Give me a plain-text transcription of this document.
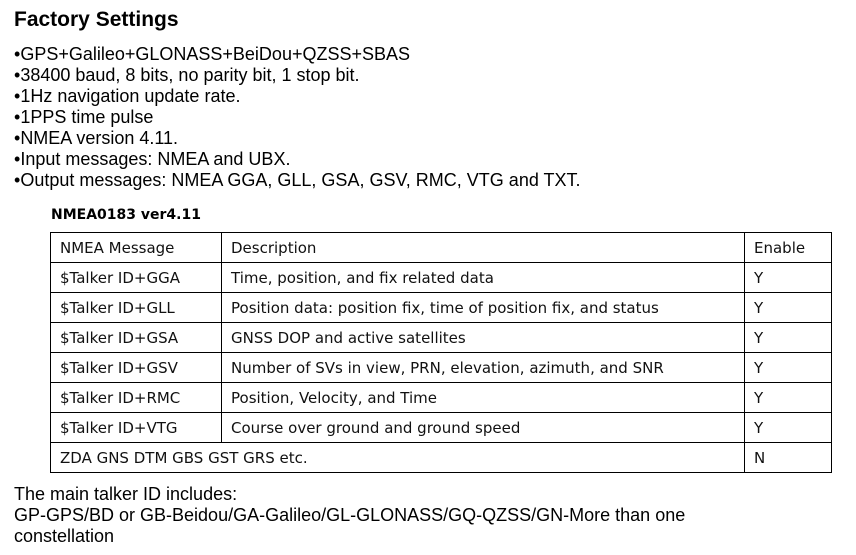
Factory Settings
• GPS+Galileo+GLONASS+BeiDou+QZSS+SBAS
• 38400 baud, 8 bits, no parity bit, 1 stop bit.
• 1Hz navigation update rate.
• 1PPS time pulse
• NMEA version 4.11.
• Input messages: NMEA and UBX.
• Output messages: NMEA GGA, GLL, GSA, GSV, RMC, VTG and TXT.
NMEA0183 ver4.11
NMEA Message	Description	Enable
$Talker ID+GGA	Time, position, and fix related data	Y
$Talker ID+GLL	Position data: position fix, time of position fix, and status	Y
$Talker ID+GSA	GNSS DOP and active satellites	Y
$Talker ID+GSV	Number of SVs in view, PRN, elevation, azimuth, and SNR	Y
$Talker ID+RMC	Position, Velocity, and Time	Y
$Talker ID+VTG	Course over ground and ground speed	Y
ZDA GNS DTM GBS GST GRS etc.		N
The main talker ID includes:
GP-GPS/BD or GB-Beidou/GA-Galileo/GL-GLONASS/GQ-QZSS/GN-More than one
constellation
